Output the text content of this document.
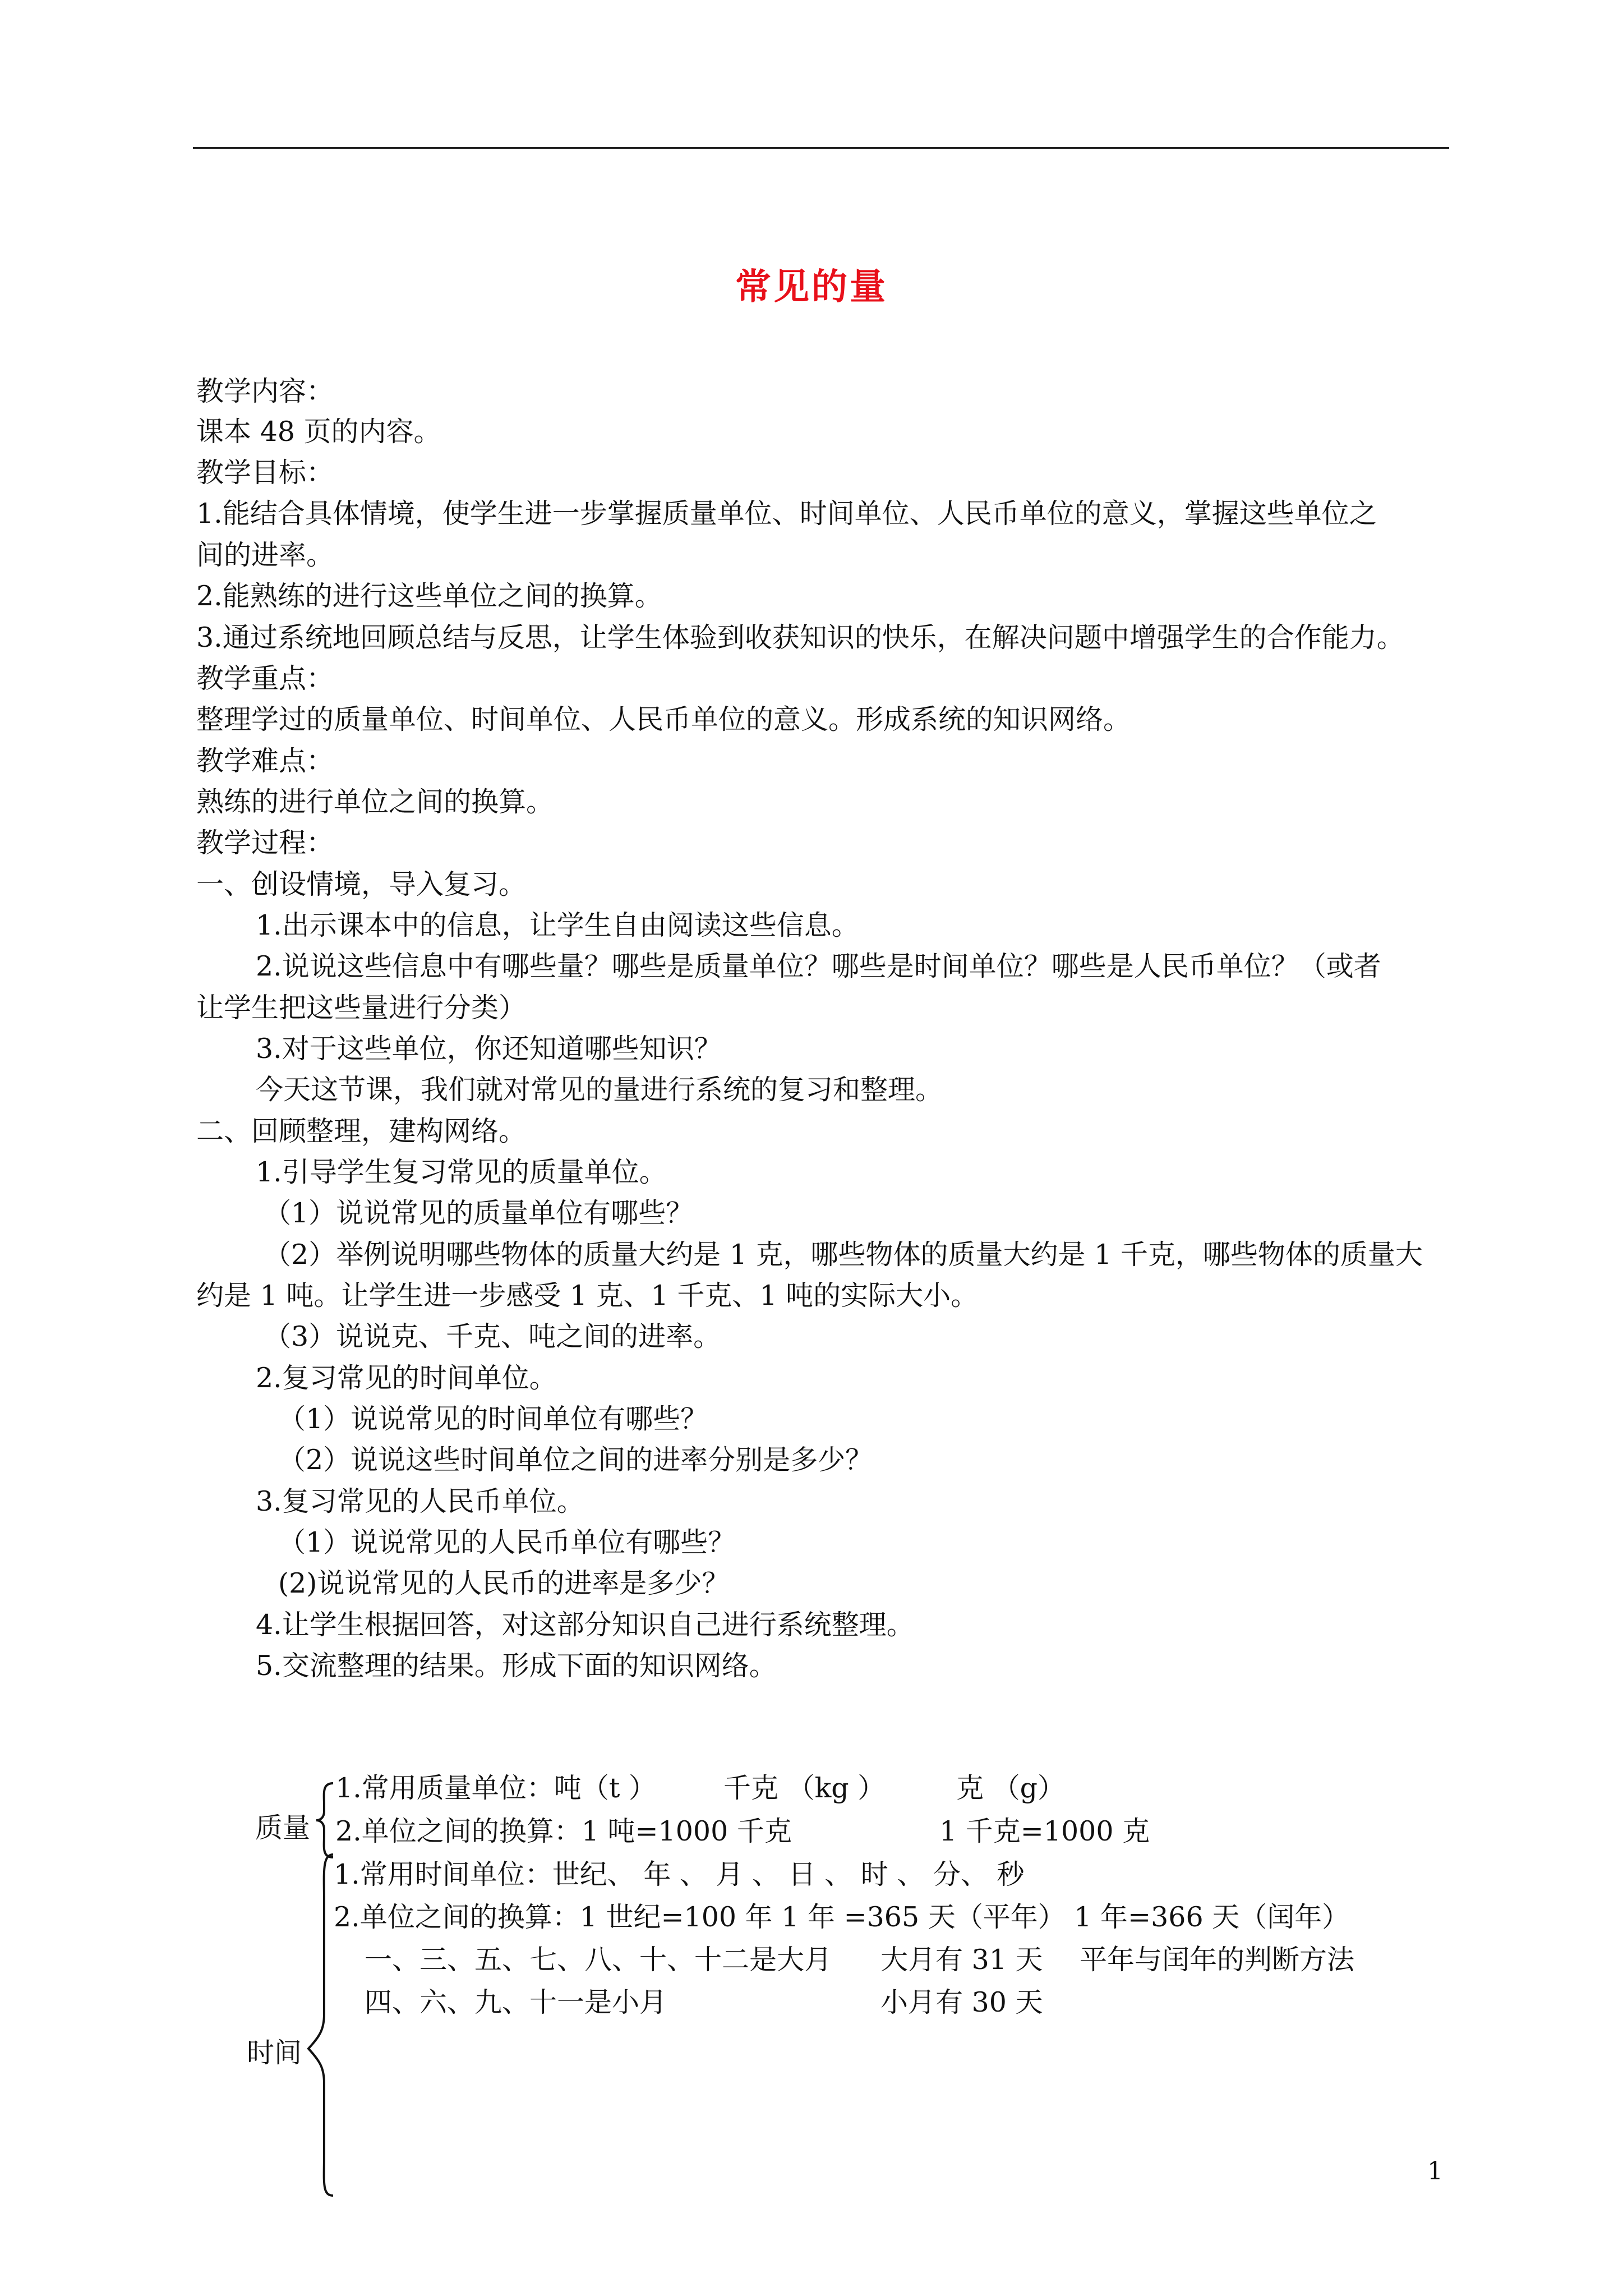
常见的量
教学内容：
课本 48 页的内容。
教学目标：
1.能结合具体情境，使学生进一步掌握质量单位、时间单位、人民币单位的意义，掌握这些单位之
间的进率。
2.能熟练的进行这些单位之间的换算。
3.通过系统地回顾总结与反思，让学生体验到收获知识的快乐，在解决问题中增强学生的合作能力。
教学重点：
整理学过的质量单位、时间单位、人民币单位的意义。形成系统的知识网络。
教学难点：
熟练的进行单位之间的换算。
教学过程：
一、创设情境，导入复习。
1.出示课本中的信息，让学生自由阅读这些信息。
2.说说这些信息中有哪些量？哪些是质量单位？哪些是时间单位？哪些是人民币单位？（或者
让学生把这些量进行分类）
3.对于这些单位，你还知道哪些知识？
今天这节课，我们就对常见的量进行系统的复习和整理。
二、回顾整理，建构网络。
1.引导学生复习常见的质量单位。
（1）说说常见的质量单位有哪些？
（2）举例说明哪些物体的质量大约是 1 克，哪些物体的质量大约是 1 千克，哪些物体的质量大
约是 1 吨。让学生进一步感受 1 克、1 千克、1 吨的实际大小。
（3）说说克、千克、吨之间的进率。
2.复习常见的时间单位。
（1）说说常见的时间单位有哪些？
（2）说说这些时间单位之间的进率分别是多少？
3.复习常见的人民币单位。
（1）说说常见的人民币单位有哪些？
(2)说说常见的人民币的进率是多少？
4.让学生根据回答，对这部分知识自己进行系统整理。
5.交流整理的结果。形成下面的知识网络。
质量
1.常用质量单位：吨（t ） 千克 （kg ）	克 （g）
2.单位之间的换算：1 吨=1000 千克	1 千克=1000 克
时间
1.常用时间单位：世纪、 年 、 月 、 日 、 时 、 分、 秒
2.单位之间的换算：1 世纪=100 年 1 年 =365 天（平年） 1 年=366 天（闰年）
一、三、五、七、八、十、十二是大月 大月有 31 天 平年与闰年的判断方法
四、六、九、十一是小月	小月有 30 天
1
